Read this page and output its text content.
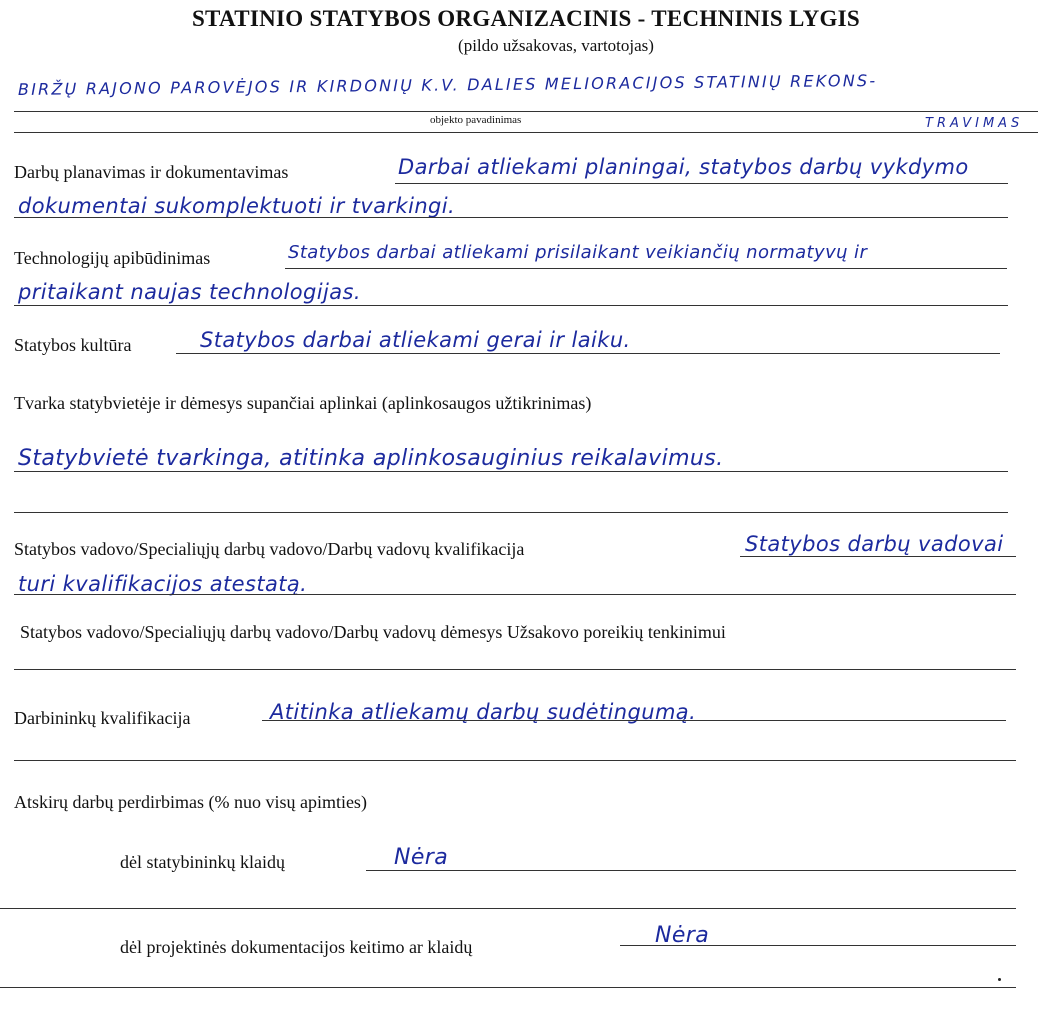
STATINIO STATYBOS ORGANIZACINIS - TECHNINIS LYGIS
(pildo užsakovas, vartotojas)
BIRŽŲ RAJONO PAROVĖJOS IR KIRDONIŲ K.V. DALIES MELIORACIJOS STATINIŲ REKONS-
objekto pavadinimas	TRAVIMAS
Darbų planavimas ir dokumentavimas	Darbai atliekami planingai, statybos darbų vykdymo
dokumentai sukomplektuoti ir tvarkingi.
Technologijų apibūdinimas	Statybos darbai atliekami prisilaikant veikiančių normatyvų ir
pritaikant naujas technologijas.
Statybos kultūra	Statybos darbai atliekami gerai ir laiku.
Tvarka statybvietėje ir dėmesys supančiai aplinkai (aplinkosaugos užtikrinimas)
Statybvietė tvarkinga, atitinka aplinkosauginius reikalavimus.
Statybos vadovo/Specialiųjų darbų vadovo/Darbų vadovų kvalifikacija	Statybos darbų vadovai
turi kvalifikacijos atestatą.
Statybos vadovo/Specialiųjų darbų vadovo/Darbų vadovų dėmesys Užsakovo poreikių tenkinimui
Darbininkų kvalifikacija	Atitinka atliekamų darbų sudėtingumą.
Atskirų darbų perdirbimas (% nuo visų apimties)
dėl statybininkų klaidų	Nėra
dėl projektinės dokumentacijos keitimo ar klaidų	Nėra
